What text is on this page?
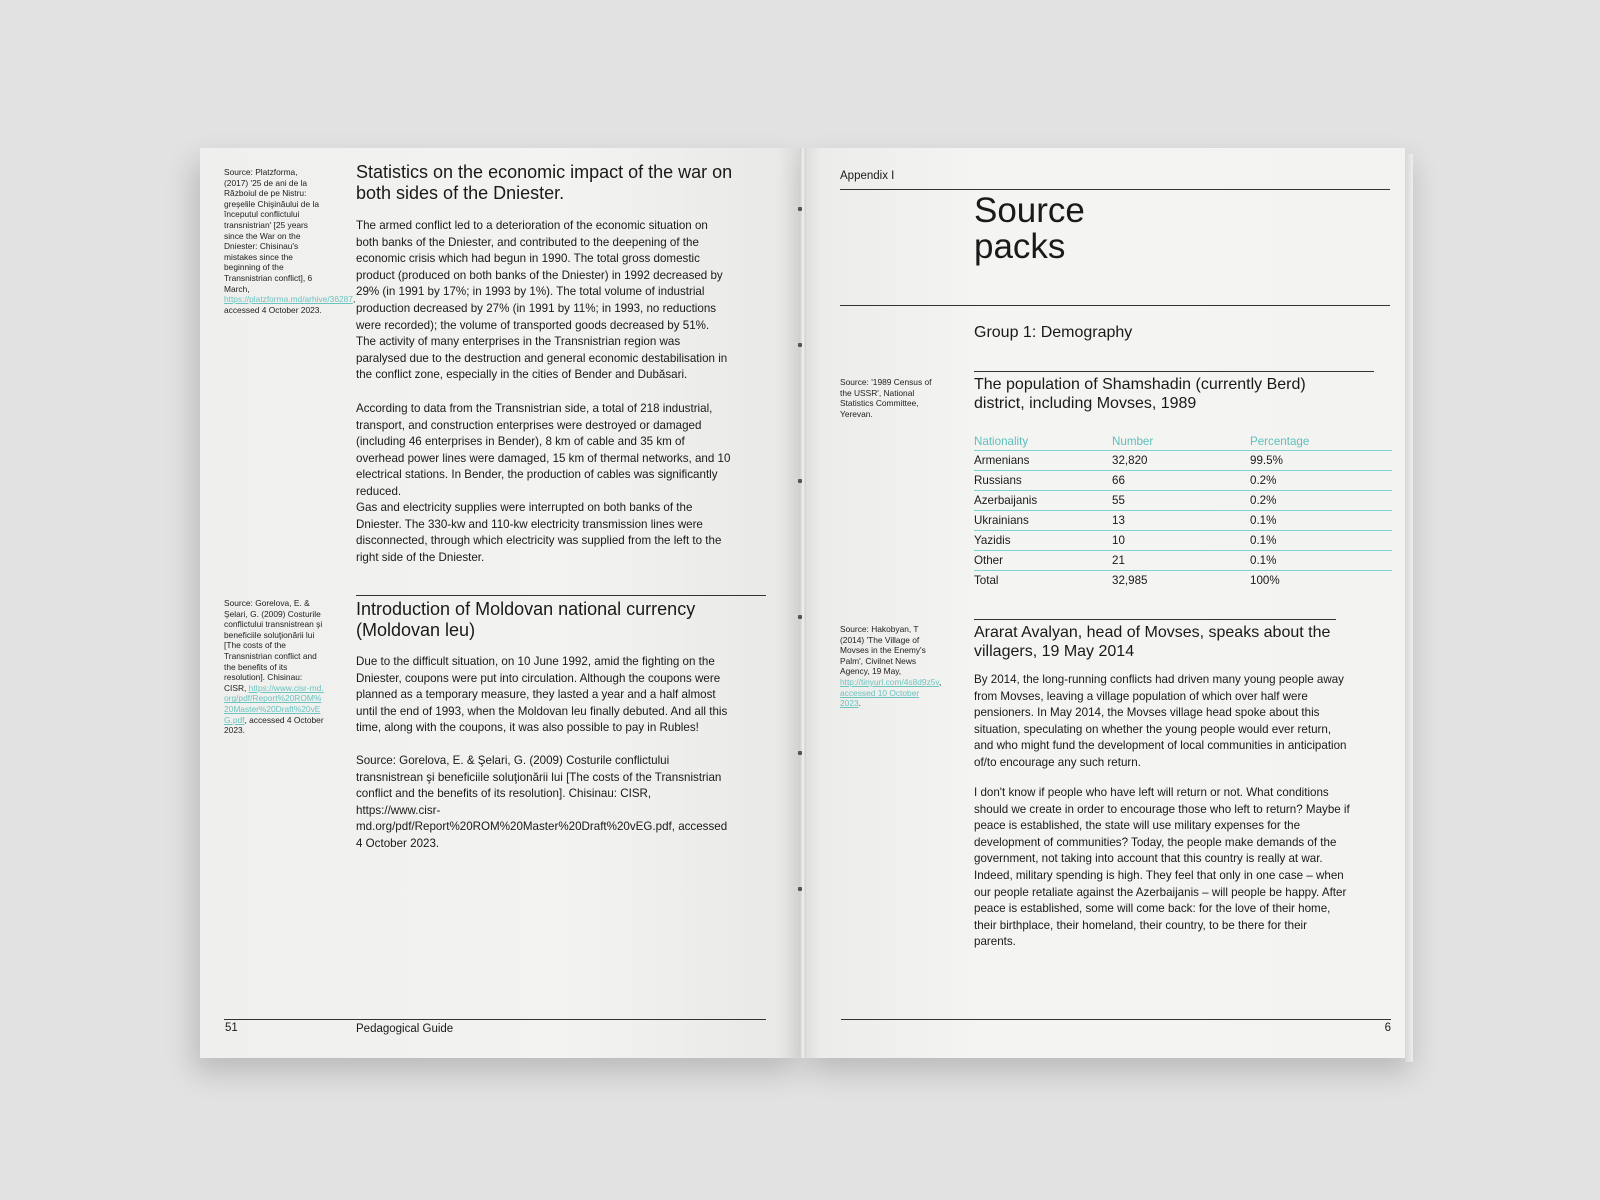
Source: Platzforma, (2017) '25 de ani de la Războiul de pe Nistru: greşelile Chişinăului de la începutul conflictului transnistrian' [25 years since the War on the Dniester: Chisinau's mistakes since the beginning of the Transnistrian conflict], 6 March, https://platzforma.md/arhive/36287, accessed 4 October 2023.
Statistics on the economic impact of the war on both sides of the Dniester.
The armed conflict led to a deterioration of the economic situation on both banks of the Dniester, and contributed to the deepening of the economic crisis which had begun in 1990. The total gross domestic product (produced on both banks of the Dniester) in 1992 decreased by 29% (in 1991 by 17%; in 1993 by 1%). The total volume of industrial production decreased by 27% (in 1991 by 11%; in 1993, no reductions were recorded); the volume of transported goods decreased by 51%. The activity of many enterprises in the Transnistrian region was paralysed due to the destruction and general economic destabilisation in the conflict zone, especially in the cities of Bender and Dubăsari.
According to data from the Transnistrian side, a total of 218 industrial, transport, and construction enterprises were destroyed or damaged (including 46 enterprises in Bender), 8 km of cable and 35 km of overhead power lines were damaged, 15 km of thermal networks, and 10 electrical stations. In Bender, the production of cables was significantly reduced.
Gas and electricity supplies were interrupted on both banks of the Dniester. The 330-kw and 110-kw electricity transmission lines were disconnected, through which electricity was supplied from the left to the right side of the Dniester.
Source: Gorelova, E. & Şelari, G. (2009) Costurile conflictului transnistrean şi beneficiile soluţionării lui [The costs of the Transnistrian conflict and the benefits of its resolution]. Chisinau: CISR, https://www.cisr-md.org/pdf/Report%20ROM%20Master%20Draft%20vEG.pdf, accessed 4 October 2023.
Introduction of Moldovan national currency (Moldovan leu)
Due to the difficult situation, on 10 June 1992, amid the fighting on the Dniester, coupons were put into circulation. Although the coupons were planned as a temporary measure, they lasted a year and a half almost until the end of 1993, when the Moldovan leu finally debuted. And all this time, along with the coupons, it was also possible to pay in Rubles!
Source: Gorelova, E. & Şelari, G. (2009) Costurile conflictului transnistrean şi beneficiile soluţionării lui [The costs of the Transnistrian conflict and the benefits of its resolution]. Chisinau: CISR, https://www.cisr-md.org/pdf/Report%20ROM%20Master%20Draft%20vEG.pdf, accessed 4 October 2023.
51	Pedagogical Guide
Appendix I
Source
packs
Group 1: Demography
Source: '1989 Census of the USSR', National Statistics Committee, Yerevan.
The population of Shamshadin (currently Berd) district, including Movses, 1989
Nationality	Number	Percentage
Armenians	32,820	99.5%
Russians	66	0.2%
Azerbaijanis	55	0.2%
Ukrainians	13	0.1%
Yazidis	10	0.1%
Other	21	0.1%
Total	32,985	100%
Source: Hakobyan, T (2014) 'The Village of Movses in the Enemy's Palm', Civilnet News Agency, 19 May, http://tinyurl.com/4s8d9z5v, accessed 10 October 2023.
Ararat Avalyan, head of Movses, speaks about the villagers, 19 May 2014
By 2014, the long-running conflicts had driven many young people away from Movses, leaving a village population of which over half were pensioners. In May 2014, the Movses village head spoke about this situation, speculating on whether the young people would ever return, and who might fund the development of local communities in anticipation of/to encourage any such return.
I don't know if people who have left will return or not. What conditions should we create in order to encourage those who left to return? Maybe if peace is established, the state will use military expenses for the development of communities? Today, the people make demands of the government, not taking into account that this country is really at war. Indeed, military spending is high. They feel that only in one case – when our people retaliate against the Azerbaijanis – will people be happy. After peace is established, some will come back: for the love of their home, their birthplace, their homeland, their country, to be there for their parents.
6
